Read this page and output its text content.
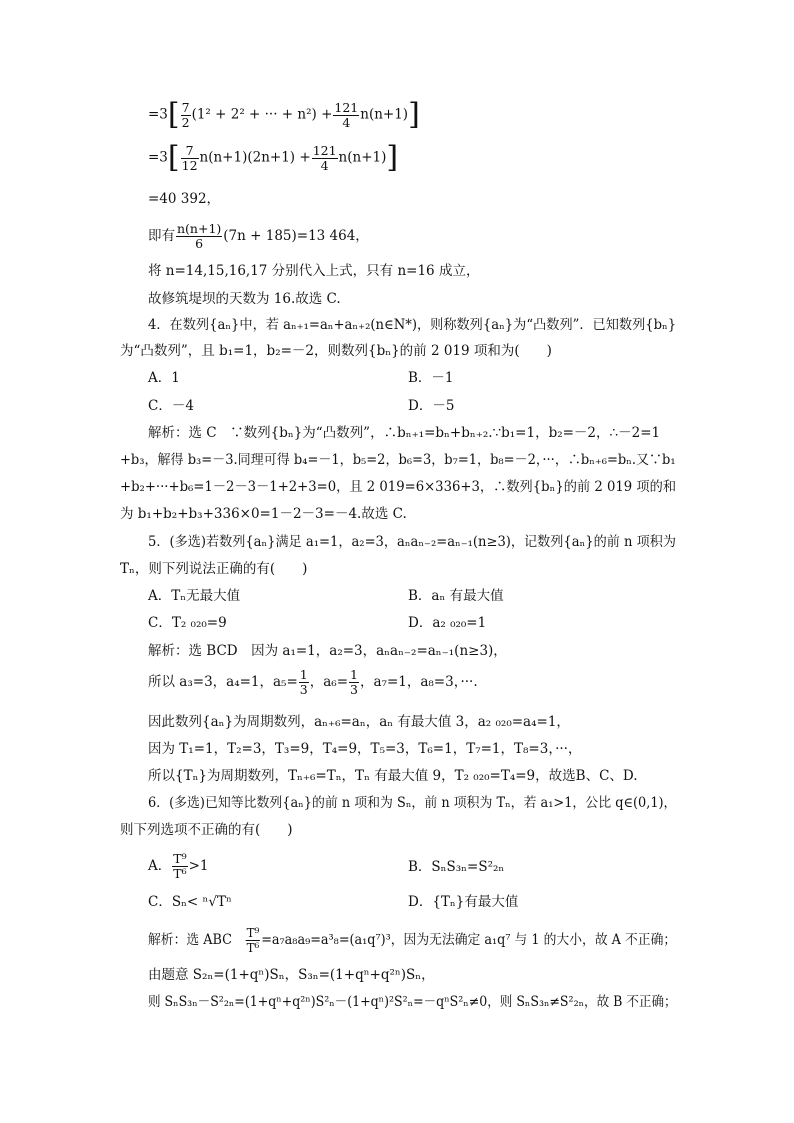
$=3[ \frac{7}{2} (1^2 + 2^2$ + ··· + $n^2) + \frac{121}{4} n(n+1)$]
$=3[ \frac{7}{12} n(n+1)(2n+1) + \frac{121}{4} n(n+1)]$
=40 392，
即有 $\frac{n(n+1)}{6} (7n + 185)=13$ 464，
将 n=14,15,16,17 分别代入上式，只有 n=16 成立，
故修筑堤坝的天数为 16.故选 C.
4．在数列{aₙ}中，若 aₙ₊₁=aₙ+aₙ₊₂(n∈N*)，则称数列{aₙ}为“凸数列”．已知数列{bₙ}
为“凸数列”，且 b₁=1，b₂=－2，则数列{bₙ}的前 2 019 项和为(　　)
A．1	B．－1
C．－4	D．－5
解析：选 C　∵数列{bₙ}为“凸数列”，∴bₙ₊₁=bₙ+bₙ₊₂.∵b₁=1，b₂=－2，∴－2=1
+b₃，解得 b₃=－3.同理可得 b₄=－1，b₅=2，b₆=3，b₇=1，b₈=－2，···，∴bₙ₊₆=bₙ.又∵b₁
+b₂+···+b₆=1－2－3－1+2+3=0，且 2 019=6×336+3，∴数列{bₙ}的前 2 019 项的和
为 b₁+b₂+b₃+336×0=1－2－3=－4.故选 C.
5．(多选)若数列{aₙ}满足 a₁=1，a₂=3，aₙaₙ₋₂=aₙ₋₁(n≥3)，记数列{aₙ}的前 n 项积为
Tₙ，则下列说法正确的有(　　)
A．Tₙ无最大值	B．aₙ 有最大值
C．T₂ ₀₂₀=9	D．a₂ ₀₂₀=1
解析：选 BCD　因为 a₁=1，a₂=3，aₙaₙ₋₂=aₙ₋₁(n≥3)，
所以 a₃=3，a₄=1，$a_5= \frac{1}{3}$ ，$a_6= \frac{1}{3}$ ，a₇=1，a₈=3，···.
因此数列{aₙ}为周期数列，aₙ₊₆=aₙ，aₙ 有最大值 3，a₂ ₀₂₀=a₄=1，
因为 T₁=1，T₂=3，T₃=9，T₄=9，T₅=3，T₆=1，T₇=1，T₈=3，···，
所以{Tₙ}为周期数列，Tₙ₊₆=Tₙ，Tₙ 有最大值 9，T₂ ₀₂₀=T₄=9，故选B、C、D.
6．(多选)已知等比数列{aₙ}的前 n 项和为 Sₙ，前 n 项积为 Tₙ，若 a₁>1，公比 q∈(0,1)，
则下列选项不正确的有(　　)
A． $\frac{\text{T⁹}}{\text{T⁶}} >1$	B．SₙS₃ₙ=S²₂ₙ
C．Sₙ< ⁿ√Tⁿ	D．{Tₙ}有最大值
解析：选 ABC　 $\frac{\text{T⁹}}{\text{T⁶}} =a_7a_8a_9=a^3_8=(a_1q^7)^3$，因为无法确定 a₁q⁷ 与 1 的大小，故 A 不正确；
由题意 S₂ₙ=(1+qⁿ)Sₙ，S₃ₙ=(1+qⁿ+q²ⁿ)Sₙ，
则 SₙS₃ₙ－S²₂ₙ=(1+qⁿ+q²ⁿ)S²ₙ－(1+qⁿ)²S²ₙ=－qⁿS²ₙ≠0，则 SₙS₃ₙ≠S²₂ₙ，故 B 不正确；
